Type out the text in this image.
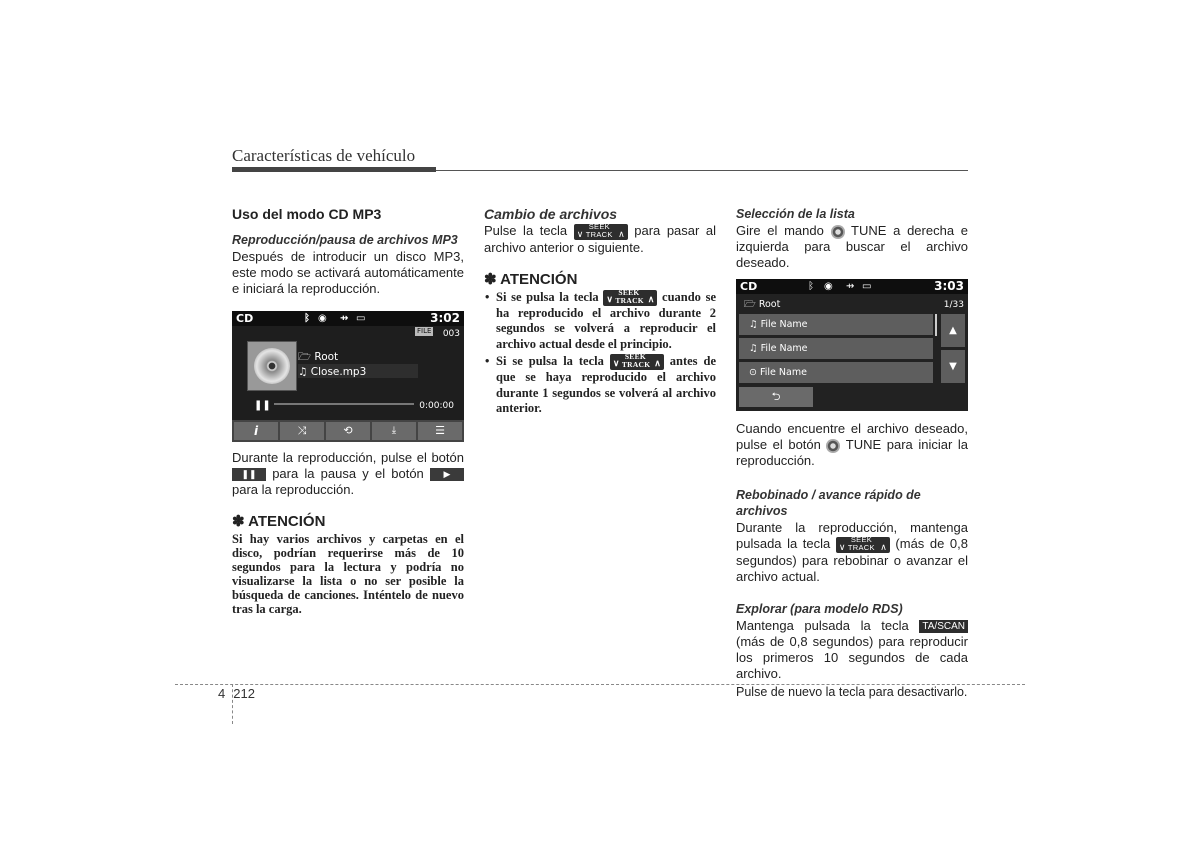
Características de vehículo
Uso del modo CD MP3
Reproducción/pausa de archivos MP3

Después de introducir un disco MP3, este modo se activará automáticamente e iniciará la reproducción.

CD	ᛒ ◉ ⇸ ▭	3:02
FILE 003
🗁 Root
♫ Close.mp3
❚❚	0:00:00
i	⤨	⟲	⤓	☰

Durante la reproducción, pulse el botón ❚❚ para la pausa y el botón ▶ para la reproducción.

✽ ATENCIÓN

Si hay varios archivos y carpetas en el disco, podrían requerirse más de 10 segundos para la lectura y podría no visualizarse la lista o no ser posible la búsqueda de canciones. Inténtelo de nuevo tras la carga.

Cambio de archivos

Pulse la tecla ∨
SEEK
TRACK ∧ para pasar al archivo anterior o siguiente.

✽ ATENCIÓN
• Si se pulsa la tecla ∨
SEEK
TRACK ∧ cuando se ha reproducido el archivo durante 2 segundos se volverá a reproducir el archivo actual desde el principio.
• Si se pulsa la tecla ∨
SEEK
TRACK ∧ antes de que se haya reproducido el archivo durante 1 segundos se volverá al archivo anterior.
Selección de la lista

Gire el mando TUNE a derecha e izquierda para buscar el archivo deseado.

CD	ᛒ ◉ ⇸ ▭	3:03
🗁 Root	1/33
♫ File Name
♫ File Name
⊙ File Name
▲
▼
⮌

Cuando encuentre el archivo deseado, pulse el botón TUNE para iniciar la reproducción.

Rebobinado / avance rápido de archivos

Durante la reproducción, mantenga pulsada la tecla ∨
SEEK
TRACK ∧ (más de 0,8 segundos) para rebobinar o avanzar el archivo actual.

Explorar (para modelo RDS)

Mantenga pulsada la tecla TA/SCAN (más de 0,8 segundos) para reproducir los primeros 10 segundos de cada archivo.

Pulse de nuevo la tecla para desactivarlo.

4 212
